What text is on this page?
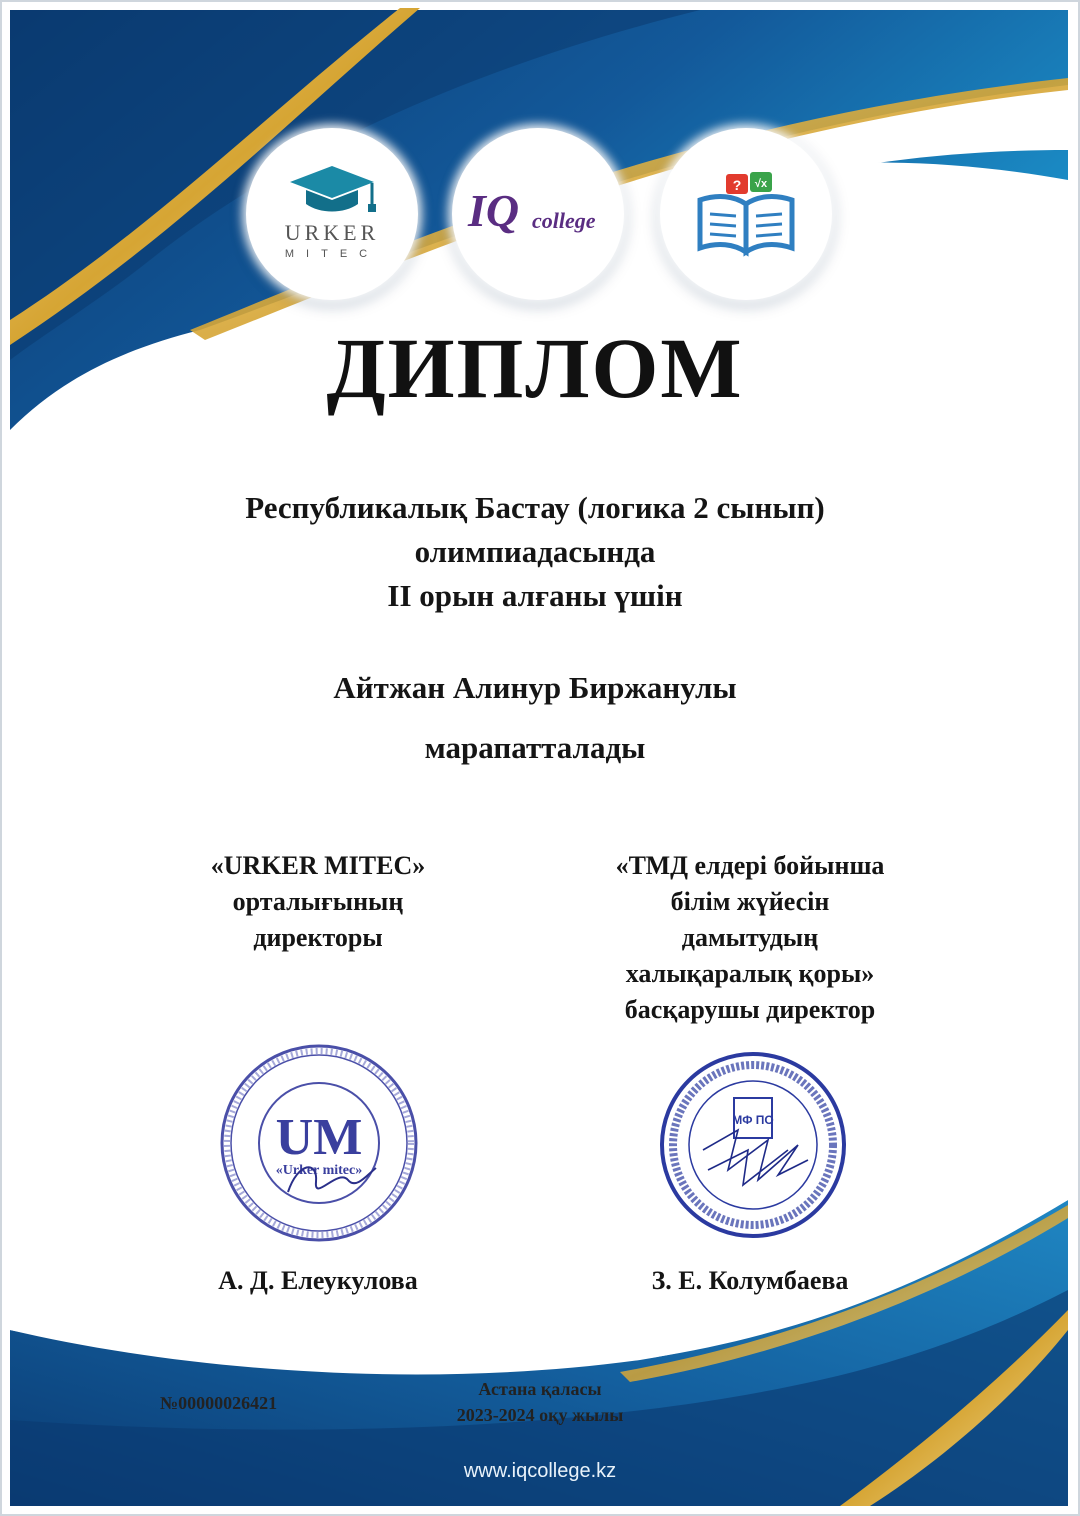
URKER
MITEC
IQ college
? √x
ДИПЛОМ
Республикалық Бастау (логика 2 сынып)
олимпиадасында
II орын алғаны үшін
Айтжан Алинур Биржанулы
марапатталады
«URKER MITEC»
орталығының
директоры
«ТМД елдері бойынша
білім жүйесін
дамытудың
халықаралық қоры»
басқарушы директор
UM
«Urker mitec»
МФ ПО
А. Д. Елеукулова	З. Е. Колумбаева
№00000026421
Астана қаласы
2023-2024 оқу жылы
www.iqcollege.kz
